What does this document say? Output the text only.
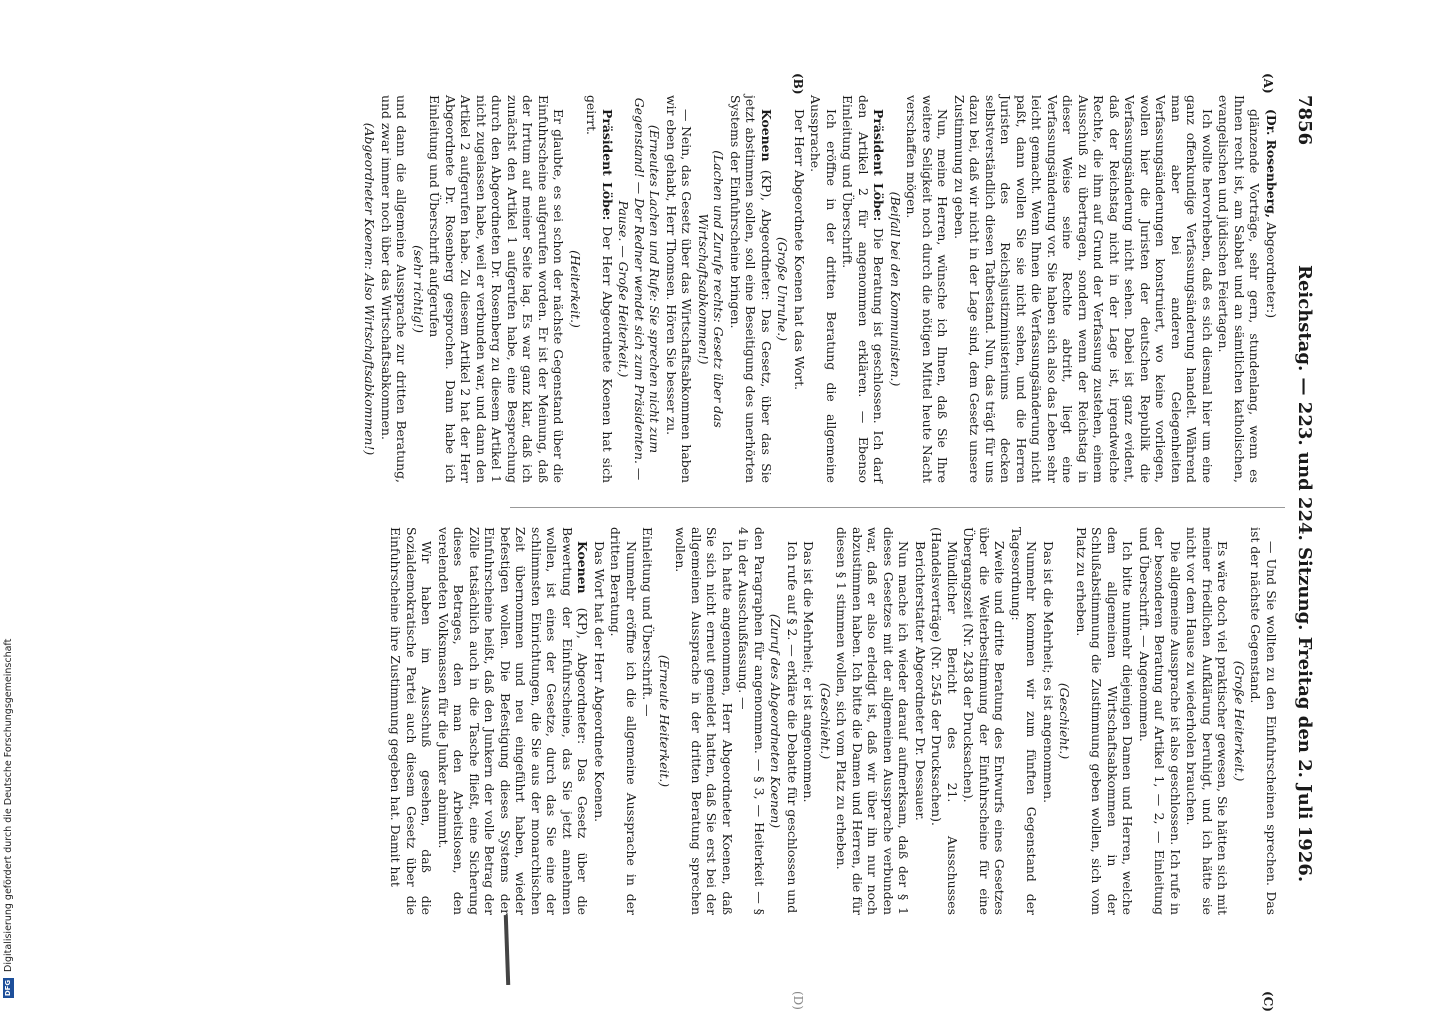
7856
Reichstag. — 223. und 224. Sitzung. Freitag den 2. Juli 1926.
(A)
(B)
(C)
(D)

(Dr. Rosenberg, Abgeordneter:)

glänzende Vorträge, sehr gern, stundenlang, wenn es Ihnen recht ist, am Sabbat und an sämtlichen katholischen, evangelischen und jüdischen Feiertagen.

Ich wollte hervorheben, daß es sich diesmal hier um eine ganz offenkundige Verfassungsänderung handelt. Während man aber bei anderen Gelegenheiten Verfassungsänderungen konstruiert, wo keine vorliegen, wollen hier die Juristen der deutschen Republik die Verfassungsänderung nicht sehen. Dabei ist ganz evident, daß der Reichstag nicht in der Lage ist, irgendwelche Rechte, die ihm auf Grund der Verfassung zustehen, einem Ausschuß zu übertragen, sondern wenn der Reichstag in dieser Weise seine Rechte abtritt, liegt eine Verfassungsänderung vor. Sie haben sich also das Leben sehr leicht gemacht. Wenn Ihnen die Verfassungsänderung nicht paßt, dann wollen Sie sie nicht sehen, und die Herren Juristen des Reichsjustizministeriums decken selbstverständlich diesen Tatbestand. Nun, das trägt für uns dazu bei, daß wir nicht in der Lage sind, dem Gesetz unsere Zustimmung zu geben.

Nun, meine Herren, wünsche ich Ihnen, daß Sie Ihre weitere Seligkeit noch durch die nötigen Mittel heute Nacht verschaffen mögen.

(Beifall bei den Kommunisten.)

Präsident Löbe: Die Beratung ist geschlossen. Ich darf den Artikel 2 für angenommen erklären. — Ebenso Einleitung und Überschrift.

Ich eröffne in der dritten Beratung die allgemeine Aussprache.

Der Herr Abgeordnete Koenen hat das Wort.

(Große Unruhe.)

Koenen (KP), Abgeordneter: Das Gesetz, über das Sie jetzt abstimmen sollen, soll eine Beseitigung des unerhörten Systems der Einfuhrscheine bringen.

(Lachen und Zurufe rechts: Gesetz über das Wirtschaftsabkommen!)

— Nein, das Gesetz über das Wirtschaftsabkommen haben wir eben gehabt, Herr Thomsen. Hören Sie besser zu.

(Erneutes Lachen und Rufe: Sie sprechen nicht zum Gegenstand! — Der Redner wendet sich zum Präsidenten. — Pause. — Große Heiterkeit.)

Präsident Löbe: Der Herr Abgeordnete Koenen hat sich geirrt.

(Heiterkeit.)

Er glaubte, es sei schon der nächste Gegenstand über die Einfuhrscheine aufgerufen worden. Er ist der Meinung, daß der Irrtum auf meiner Seite lag. Es war ganz klar, daß ich zunächst den Artikel 1 aufgerufen habe, eine Besprechung durch den Abgeordneten Dr. Rosenberg zu diesem Artikel 1 nicht zugelassen habe, weil er verbunden war, und dann den Artikel 2 aufgerufen habe. Zu diesem Artikel 2 hat der Herr Abgeordnete Dr. Rosenberg gesprochen. Dann habe ich Einleitung und Überschrift aufgerufen

(sehr richtig!)

und dann die allgemeine Aussprache zur dritten Beratung, und zwar immer noch über das Wirtschaftsabkommen.

(Abgeordneter Koenen: Also Wirtschaftsabkommen!)

— Und Sie wollten zu den Einfuhrscheinen sprechen. Das ist der nächste Gegenstand.

(Große Heiterkeit.)

Es wäre doch viel praktischer gewesen, Sie hätten sich mit meiner friedlichen Aufklärung beruhigt, und ich hätte sie nicht vor dem Hause zu wiederholen brauchen.

Die allgemeine Aussprache ist also geschlossen. Ich rufe in der besonderen Beratung auf Artikel 1, — 2, — Einleitung und Überschrift. — Angenommen.

Ich bitte nunmehr diejenigen Damen und Herren, welche dem allgemeinen Wirtschaftsabkommen in der Schlußabstimmung die Zustimmung geben wollen, sich vom Platz zu erheben.

(Geschieht.)

Das ist die Mehrheit; es ist angenommen.

Nunmehr kommen wir zum fünften Gegenstand der Tagesordnung:

Zweite und dritte Beratung des Entwurfs eines Gesetzes über die Weiterbestimmung der Einfuhrscheine für eine Übergangszeit (Nr. 2438 der Drucksachen).

Mündlicher Bericht des 21. Ausschusses (Handelsverträge) (Nr. 2545 der Drucksachen).

Berichterstatter Abgeordneter Dr. Dessauer.

Nun mache ich wieder darauf aufmerksam, daß der § 1 dieses Gesetzes mit der allgemeinen Aussprache verbunden war, daß er also erledigt ist, daß wir über ihn nur noch abzustimmen haben. Ich bitte die Damen und Herren, die für diesen § 1 stimmen wollen, sich vom Platz zu erheben.

(Geschieht.)

Das ist die Mehrheit; er ist angenommen.

Ich rufe auf § 2. — erkläre die Debatte für geschlossen und

(Zuruf des Abgeordneten Koenen)

den Paragraphen für angenommen. — § 3, — Heiterkeit — § 4 in der Ausschußfassung. —

Ich hatte angenommen, Herr Abgeordneter Koenen, daß Sie sich nicht erneut gemeldet hatten, daß Sie erst bei der allgemeinen Aussprache in der dritten Beratung sprechen wollen.

(Erneute Heiterkeit.)

Einleitung und Überschrift. —

Nunmehr eröffne ich die allgemeine Aussprache in der dritten Beratung.

Das Wort hat der Herr Abgeordnete Koenen.

Koenen (KP), Abgeordneter: Das Gesetz über die Bewertung der Einfuhrscheine, das Sie jetzt annehmen wollen, ist eines der Gesetze, durch das Sie eine der schlimmsten Einrichtungen, die Sie aus der monarchischen Zeit übernommen und neu eingeführt haben, wieder befestigen wollen. Die Befestigung dieses Systems der Einfuhrscheine heißt, daß den Junkern der volle Betrag der Zölle tatsächlich auch in die Tasche fließt, eine Sicherung dieses Betrages, den man den Arbeitslosen, den verelendeten Volksmassen für die Junker abnimmt.

Wir haben im Ausschuß gesehen, daß die Sozialdemokratische Partei auch diesem Gesetz über die Einfuhrscheine ihre Zustimmung gegeben hat. Damit hat

DFG Digitalisierung gefördert durch die Deutsche Forschungsgemeinschaft
